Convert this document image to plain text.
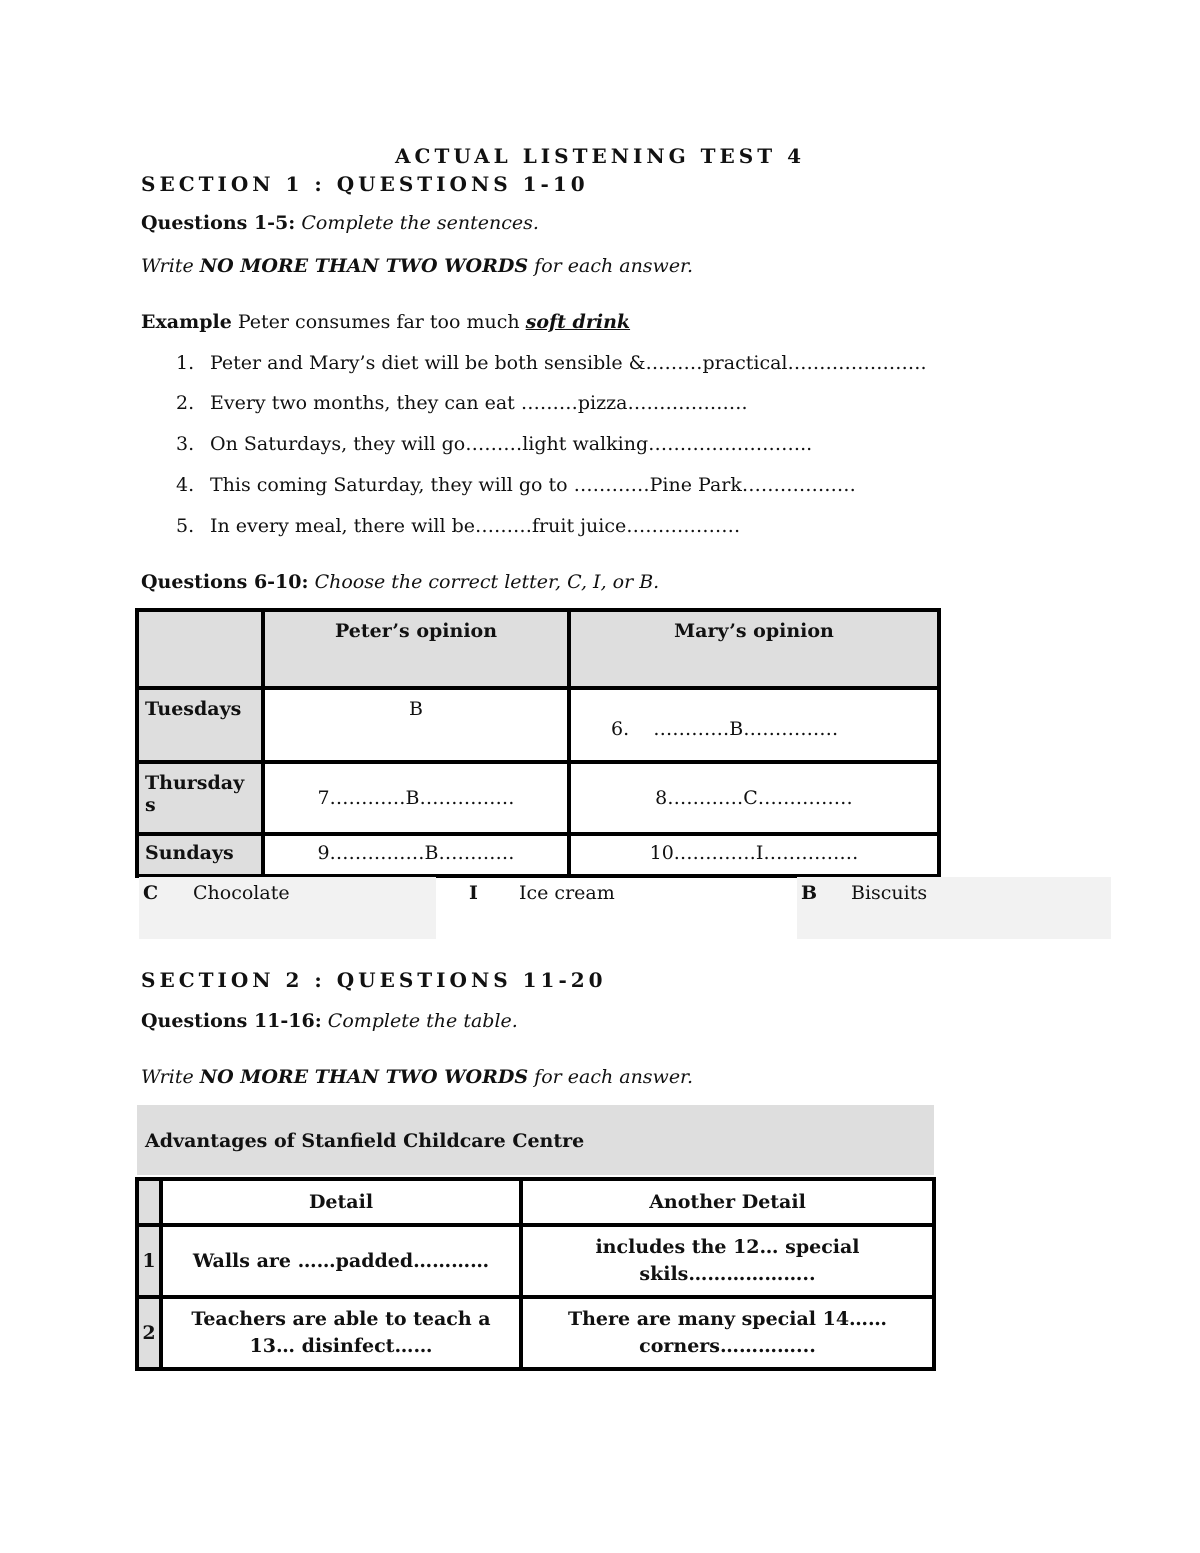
ACTUAL LISTENING TEST 4
SECTION 1 : QUESTIONS 1-10
Questions 1-5: Complete the sentences.
Write NO MORE THAN TWO WORDS for each answer.
Example Peter consumes far too much soft drink
1. Peter and Mary’s diet will be both sensible &………practical………………….
2. Every two months, they can eat ………pizza……………….
3. On Saturdays, they will go………light walking……………………..
4. This coming Saturday, they will go to …………Pine Park………………
5. In every meal, there will be………fruit juice………………
Questions 6-10: Choose the correct letter, C, I, or B.
	Peter’s opinion	Mary’s opinion
Tuesdays	B	6.    …………B……………
Thursday s	7…………B……………	8…………C……………
Sundays	9……………B…………	10.…………I……………
C Chocolate	I Ice cream	B Biscuits
SECTION 2 : QUESTIONS 11-20
Questions 11-16: Complete the table.
Write NO MORE THAN TWO WORDS for each answer.
Advantages of Stanfield Childcare Centre
	Detail	Another Detail
1	Walls are ……padded…………	includes the 12… special skils………………..
2	Teachers are able to teach a 13… disinfect……	There are many special 14…… corners…………...
